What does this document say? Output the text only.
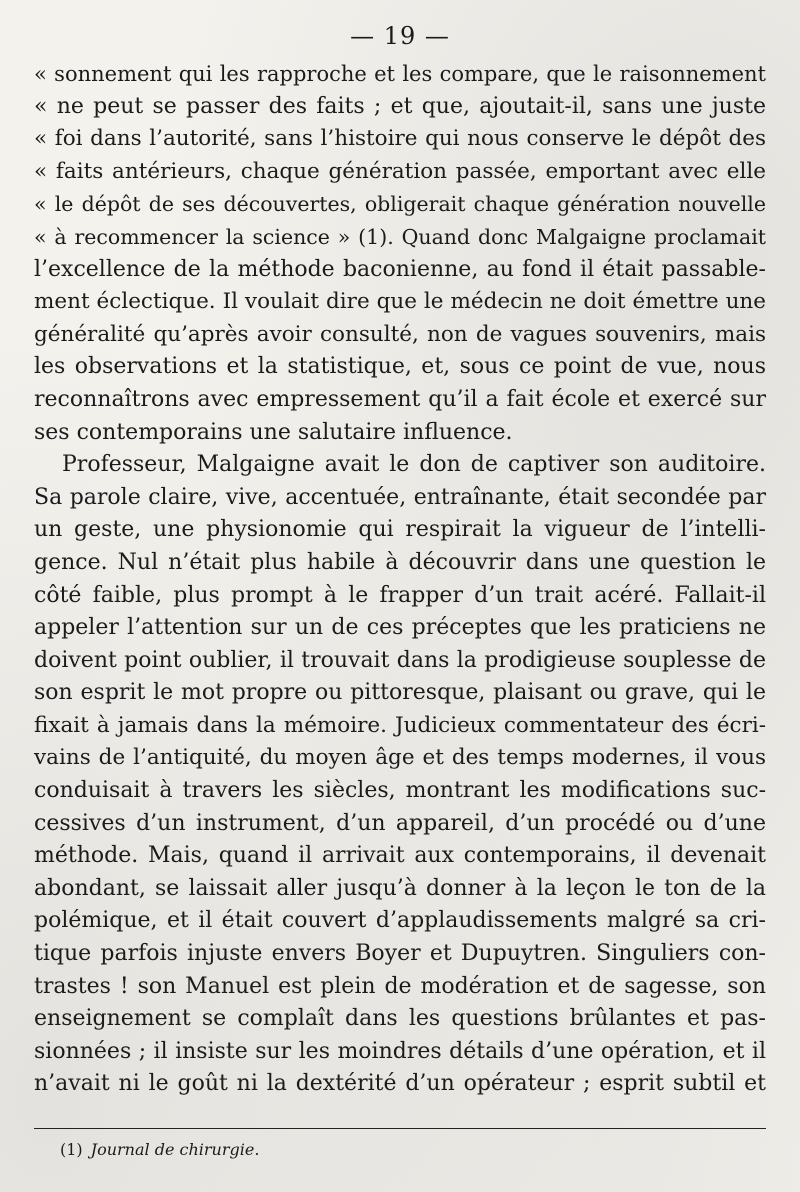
— 19 —
« sonnement qui les rapproche et les compare, que le raisonnement
« ne peut se passer des faits ; et que, ajoutait-il, sans une juste
« foi dans l’autorité, sans l’histoire qui nous conserve le dépôt des
« faits antérieurs, chaque génération passée, emportant avec elle
« le dépôt de ses découvertes, obligerait chaque génération nouvelle
« à recommencer la science » (1). Quand donc Malgaigne proclamait
l’excellence de la méthode baconienne, au fond il était passable-
ment éclectique. Il voulait dire que le médecin ne doit émettre une
généralité qu’après avoir consulté, non de vagues souvenirs, mais
les observations et la statistique, et, sous ce point de vue, nous
reconnaîtrons avec empressement qu’il a fait école et exercé sur
ses contemporains une salutaire influence.
Professeur, Malgaigne avait le don de captiver son auditoire.
Sa parole claire, vive, accentuée, entraînante, était secondée par
un geste, une physionomie qui respirait la vigueur de l’intelli-
gence. Nul n’était plus habile à découvrir dans une question le
côté faible, plus prompt à le frapper d’un trait acéré. Fallait-il
appeler l’attention sur un de ces préceptes que les praticiens ne
doivent point oublier, il trouvait dans la prodigieuse souplesse de
son esprit le mot propre ou pittoresque, plaisant ou grave, qui le
fixait à jamais dans la mémoire. Judicieux commentateur des écri-
vains de l’antiquité, du moyen âge et des temps modernes, il vous
conduisait à travers les siècles, montrant les modifications suc-
cessives d’un instrument, d’un appareil, d’un procédé ou d’une
méthode. Mais, quand il arrivait aux contemporains, il devenait
abondant, se laissait aller jusqu’à donner à la leçon le ton de la
polémique, et il était couvert d’applaudissements malgré sa cri-
tique parfois injuste envers Boyer et Dupuytren. Singuliers con-
trastes ! son Manuel est plein de modération et de sagesse, son
enseignement se complaît dans les questions brûlantes et pas-
sionnées ; il insiste sur les moindres détails d’une opération, et il
n’avait ni le goût ni la dextérité d’un opérateur ; esprit subtil et
(1) Journal de chirurgie.
